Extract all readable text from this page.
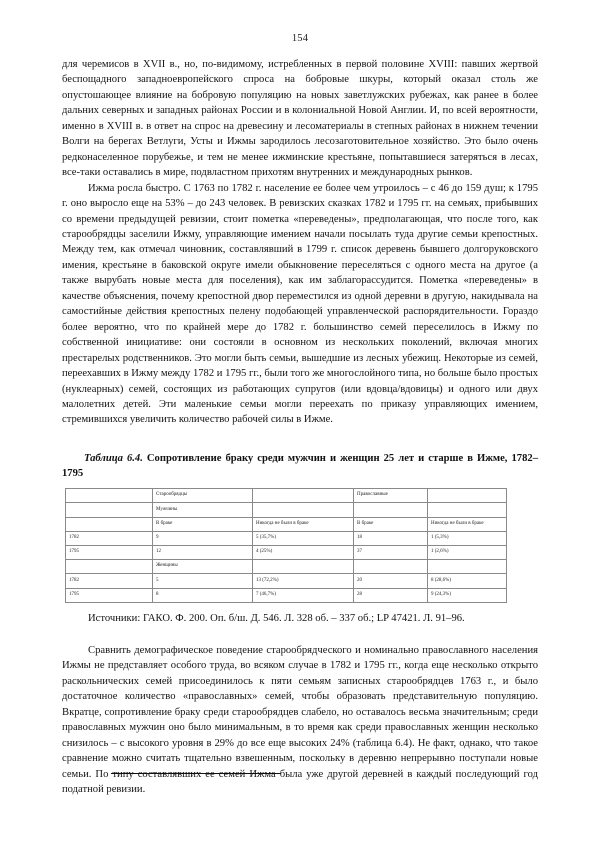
154

для черемисов в XVII в., но, по-видимому, истребленных в первой половине XVIII: павших жертвой беспощадного западноевропейского спроса на бобровые шкуры, который оказал столь же опустошающее влияние на бобровую популяцию на новых заветлужских рубежах, как ранее в более дальних северных и западных районах России и в колониальной Новой Англии. И, по всей вероятности, именно в XVIII в. в ответ на спрос на древесину и лесоматериалы в степных районах в нижнем течении Волги на берегах Ветлуги, Усты и Ижмы зародилось лесозаготовительное хозяйство. Это было очень редконаселенное порубежье, и тем не менее ижминские крестьяне, попытавшиеся затеряться в лесах, все-таки оставались в мире, подвластном прихотям внутренних и международных рынков.

Ижма росла быстро. С 1763 по 1782 г. население ее более чем утроилось – с 46 до 159 душ; к 1795 г. оно выросло еще на 53% – до 243 человек. В ревизских сказках 1782 и 1795 гг. на семьях, прибывших со времени предыдущей ревизии, стоит пометка «переведены», предполагающая, что после того, как старообрядцы заселили Ижму, управляющие имением начали посылать туда другие семьи крепостных. Между тем, как отмечал чиновник, составлявший в 1799 г. список деревень бывшего долгоруковского имения, крестьяне в баковской округе имели обыкновение переселяться с одного места на другое (а также вырубать новые места для поселения), как им заблагорассудится. Пометка «переведены» в качестве объяснения, почему крепостной двор переместился из одной деревни в другую, накидывала на самостийные действия крепостных пелену подобающей управленческой распорядительности. Гораздо более вероятно, что по крайней мере до 1782 г. большинство семей переселилось в Ижму по собственной инициативе: они состояли в основном из нескольких поколений, включая многих престарелых родственников. Это могли быть семьи, вышедшие из лесных убежищ. Некоторые из семей, переехавших в Ижму между 1782 и 1795 гг., были того же многослойного типа, но больше было простых (нуклеарных) семей, состоящих из работающих супругов (или вдовца/вдовицы) и одного или двух малолетних детей. Эти маленькие семьи могли переехать по приказу управляющих имением, стремившихся увеличить количество рабочей силы в Ижме.

Таблица 6.4. Сопротивление браку среди мужчин и женщин 25 лет и старше в Ижме, 1782–1795
	Старообрядцы		Православные	
	Мужчины			
	В браке	Никогда не были в браке	В браке	Никогда не были в браке
1782	9	5 (35,7%)	18	1 (5,3%)
1795	12	4 (25%)	37	1 (2,6%)
	Женщины			
1782	5	13 (72,2%)	20	8 (28,6%)
1795	8	7 (46,7%)	28	9 (24,3%)

Источники: ГАКО. Ф. 200. Оп. б/ш. Д. 546. Л. 328 об. – 337 об.; LP 47421. Л. 91–96.

Сравнить демографическое поведение старообрядческого и номинально православного населения Ижмы не представляет особого труда, во всяком случае в 1782 и 1795 гг., когда еще несколько открыто раскольнических семей присоединилось к пяти семьям записных старообрядцев 1763 г., и было достаточное количество «православных» семей, чтобы образовать представительную популяцию. Вкратце, сопротивление браку среди старообрядцев слабело, но оставалось весьма значительным; среди православных мужчин оно было минимальным, в то время как среди православных женщин несколько снизилось – с высокого уровня в 29% до все еще высоких 24% (таблица 6.4). Не факт, однако, что такое сравнение можно считать тщательно взвешенным, поскольку в деревню непрерывно поступали новые семьи. По типу составлявших ее семей Ижма была уже другой деревней в каждый последующий год податной ревизии.
